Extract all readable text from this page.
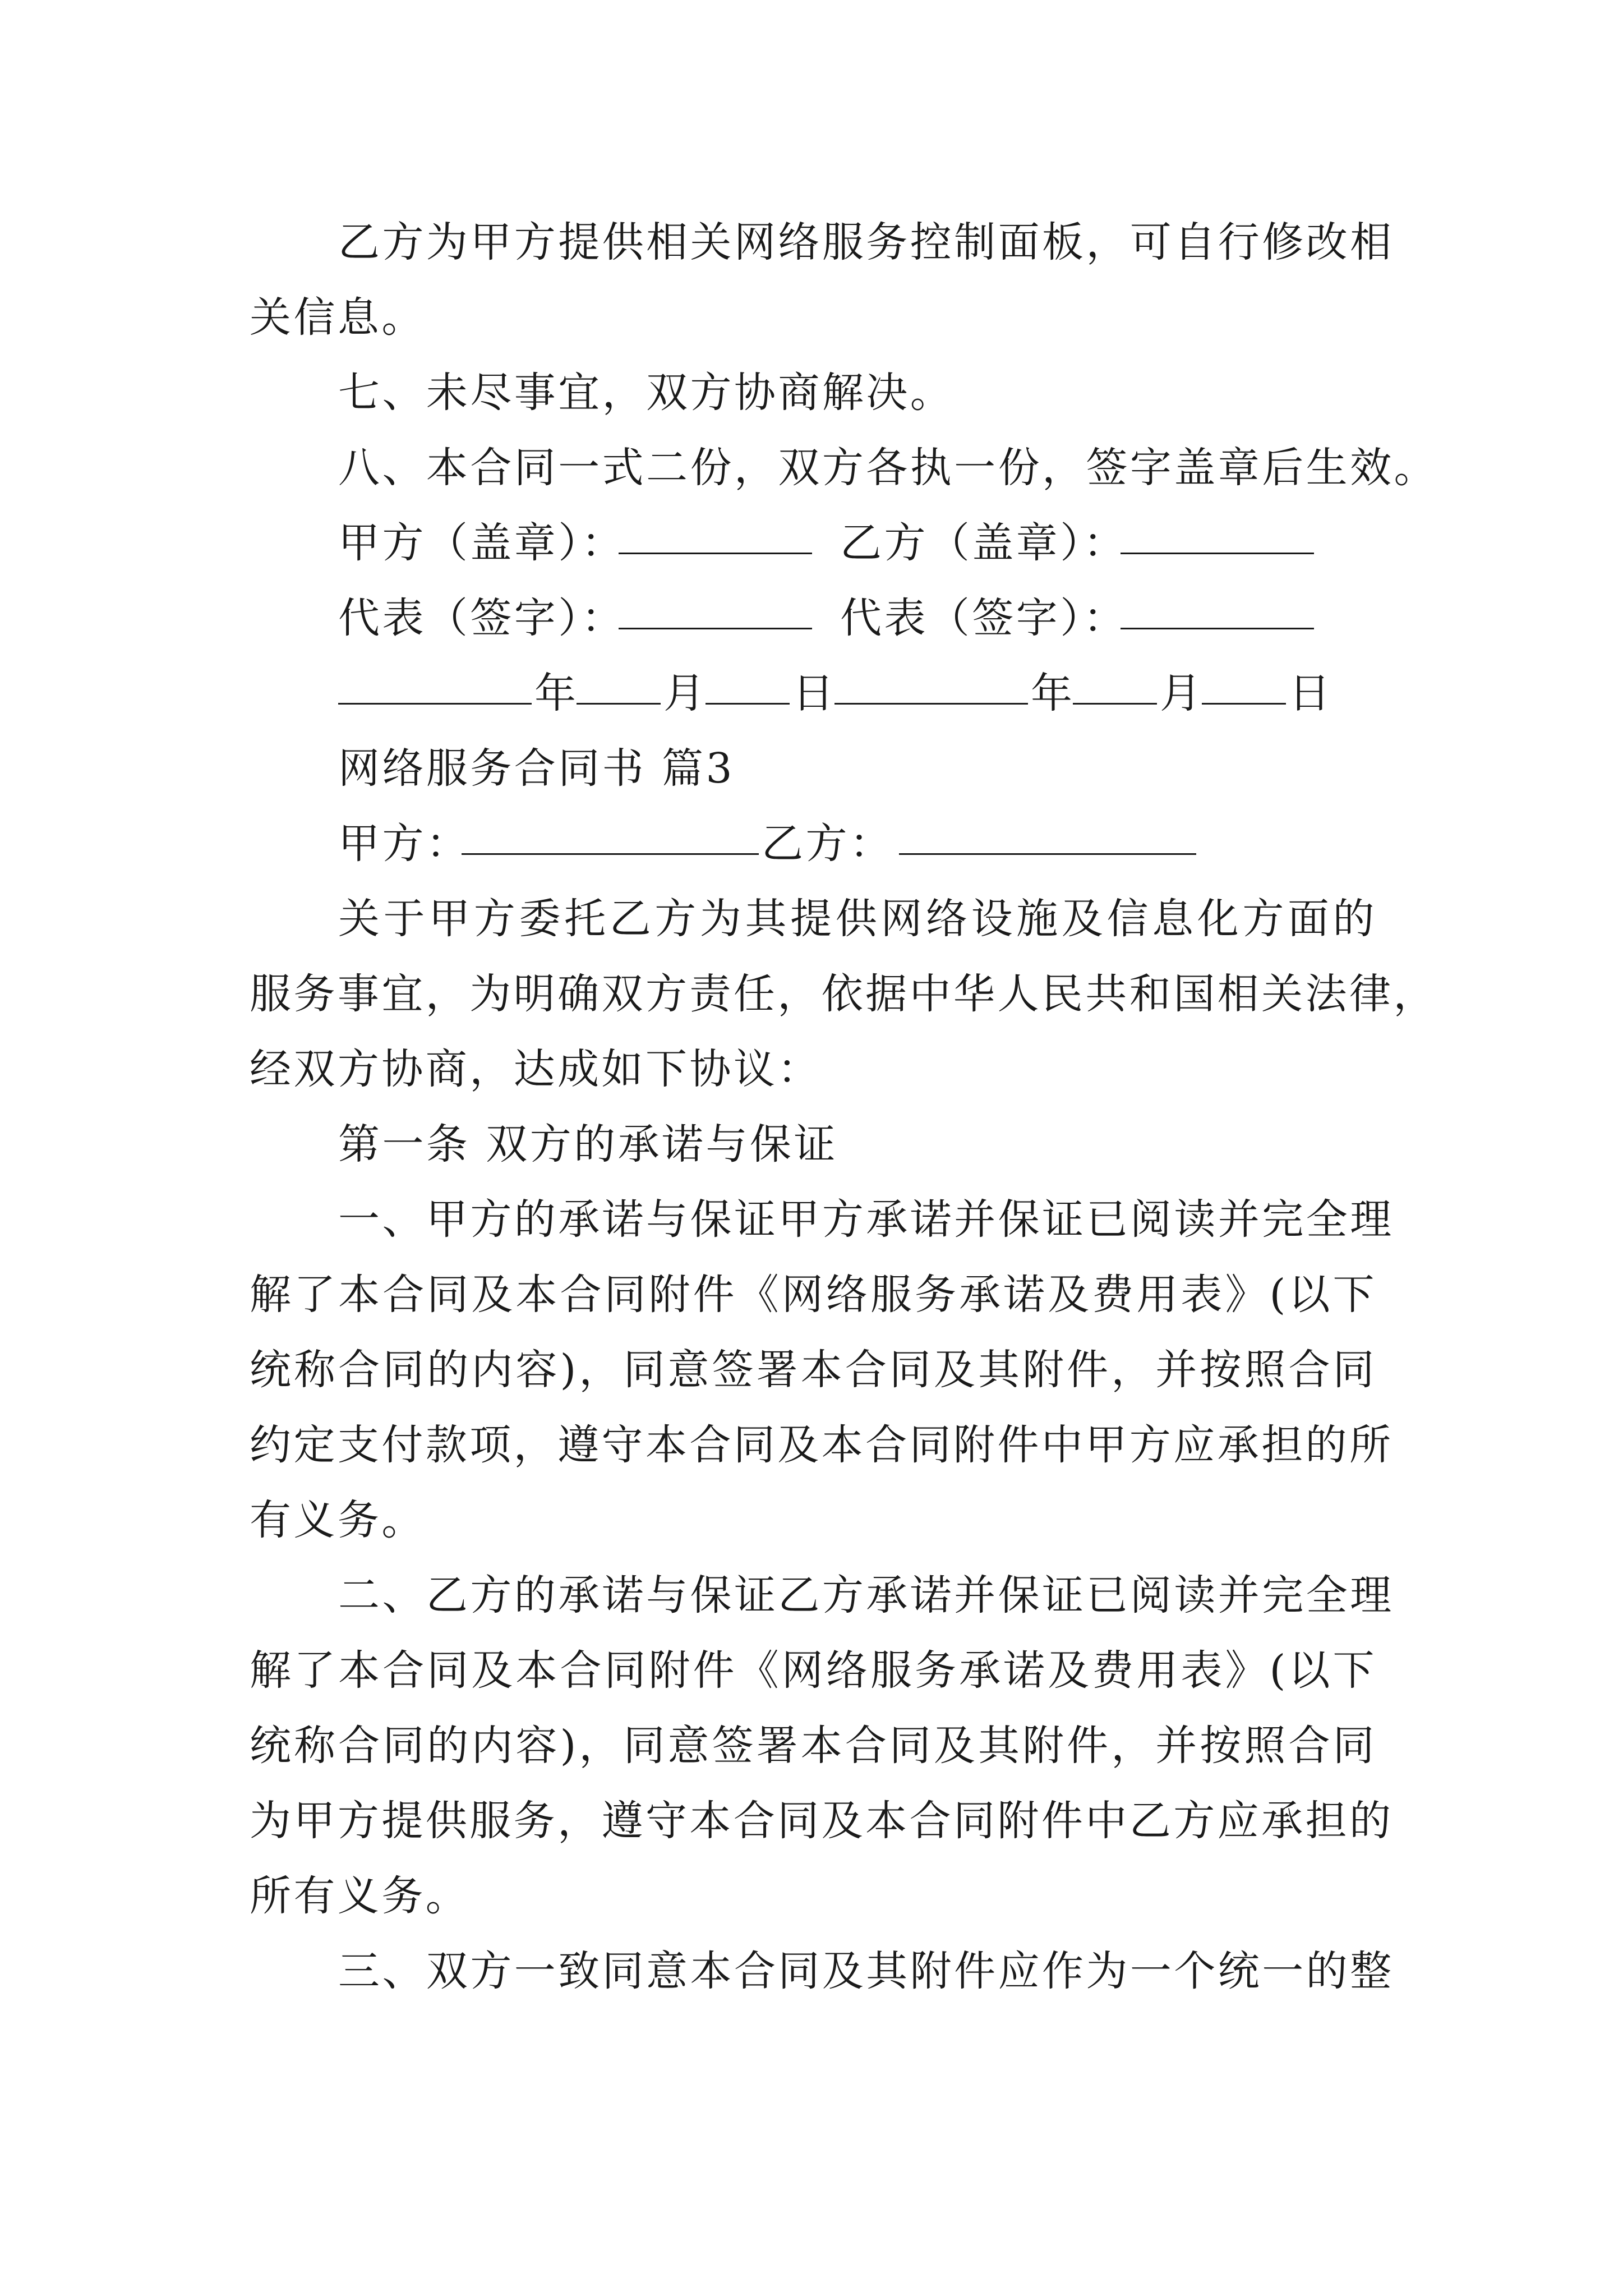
乙方为甲方提供相关网络服务控制面板，可自行修改相
关信息。
七、未尽事宜，双方协商解决。
八、本合同一式二份，双方各执一份，签字盖章后生效。
甲方（盖章）：	乙方（盖章）：
代表（签字）：	代表（签字）：
年 月 日	年 月 日
网络服务合同书 篇3
甲方：	乙方：
关于甲方委托乙方为其提供网络设施及信息化方面的
服务事宜，为明确双方责任，依据中华人民共和国相关法律，
经双方协商，达成如下协议：
第一条 双方的承诺与保证
一、甲方的承诺与保证甲方承诺并保证已阅读并完全理
解了本合同及本合同附件《网络服务承诺及费用表》(以下
统称合同的内容)，同意签署本合同及其附件，并按照合同
约定支付款项，遵守本合同及本合同附件中甲方应承担的所
有义务。
二、乙方的承诺与保证乙方承诺并保证已阅读并完全理
解了本合同及本合同附件《网络服务承诺及费用表》(以下
统称合同的内容)，同意签署本合同及其附件，并按照合同
为甲方提供服务，遵守本合同及本合同附件中乙方应承担的
所有义务。
三、双方一致同意本合同及其附件应作为一个统一的整
